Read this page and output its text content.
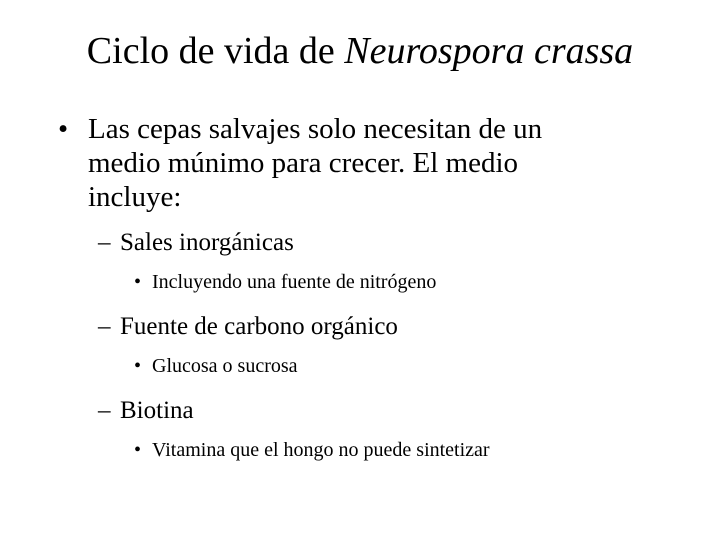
Ciclo de vida de Neurospora crassa
• Las cepas salvajes solo necesitan de un medio múnimo para crecer. El medio incluye:
– Sales inorgánicas
• Incluyendo una fuente de nitrógeno
– Fuente de carbono orgánico
• Glucosa o sucrosa
– Biotina
• Vitamina que el hongo no puede sintetizar
